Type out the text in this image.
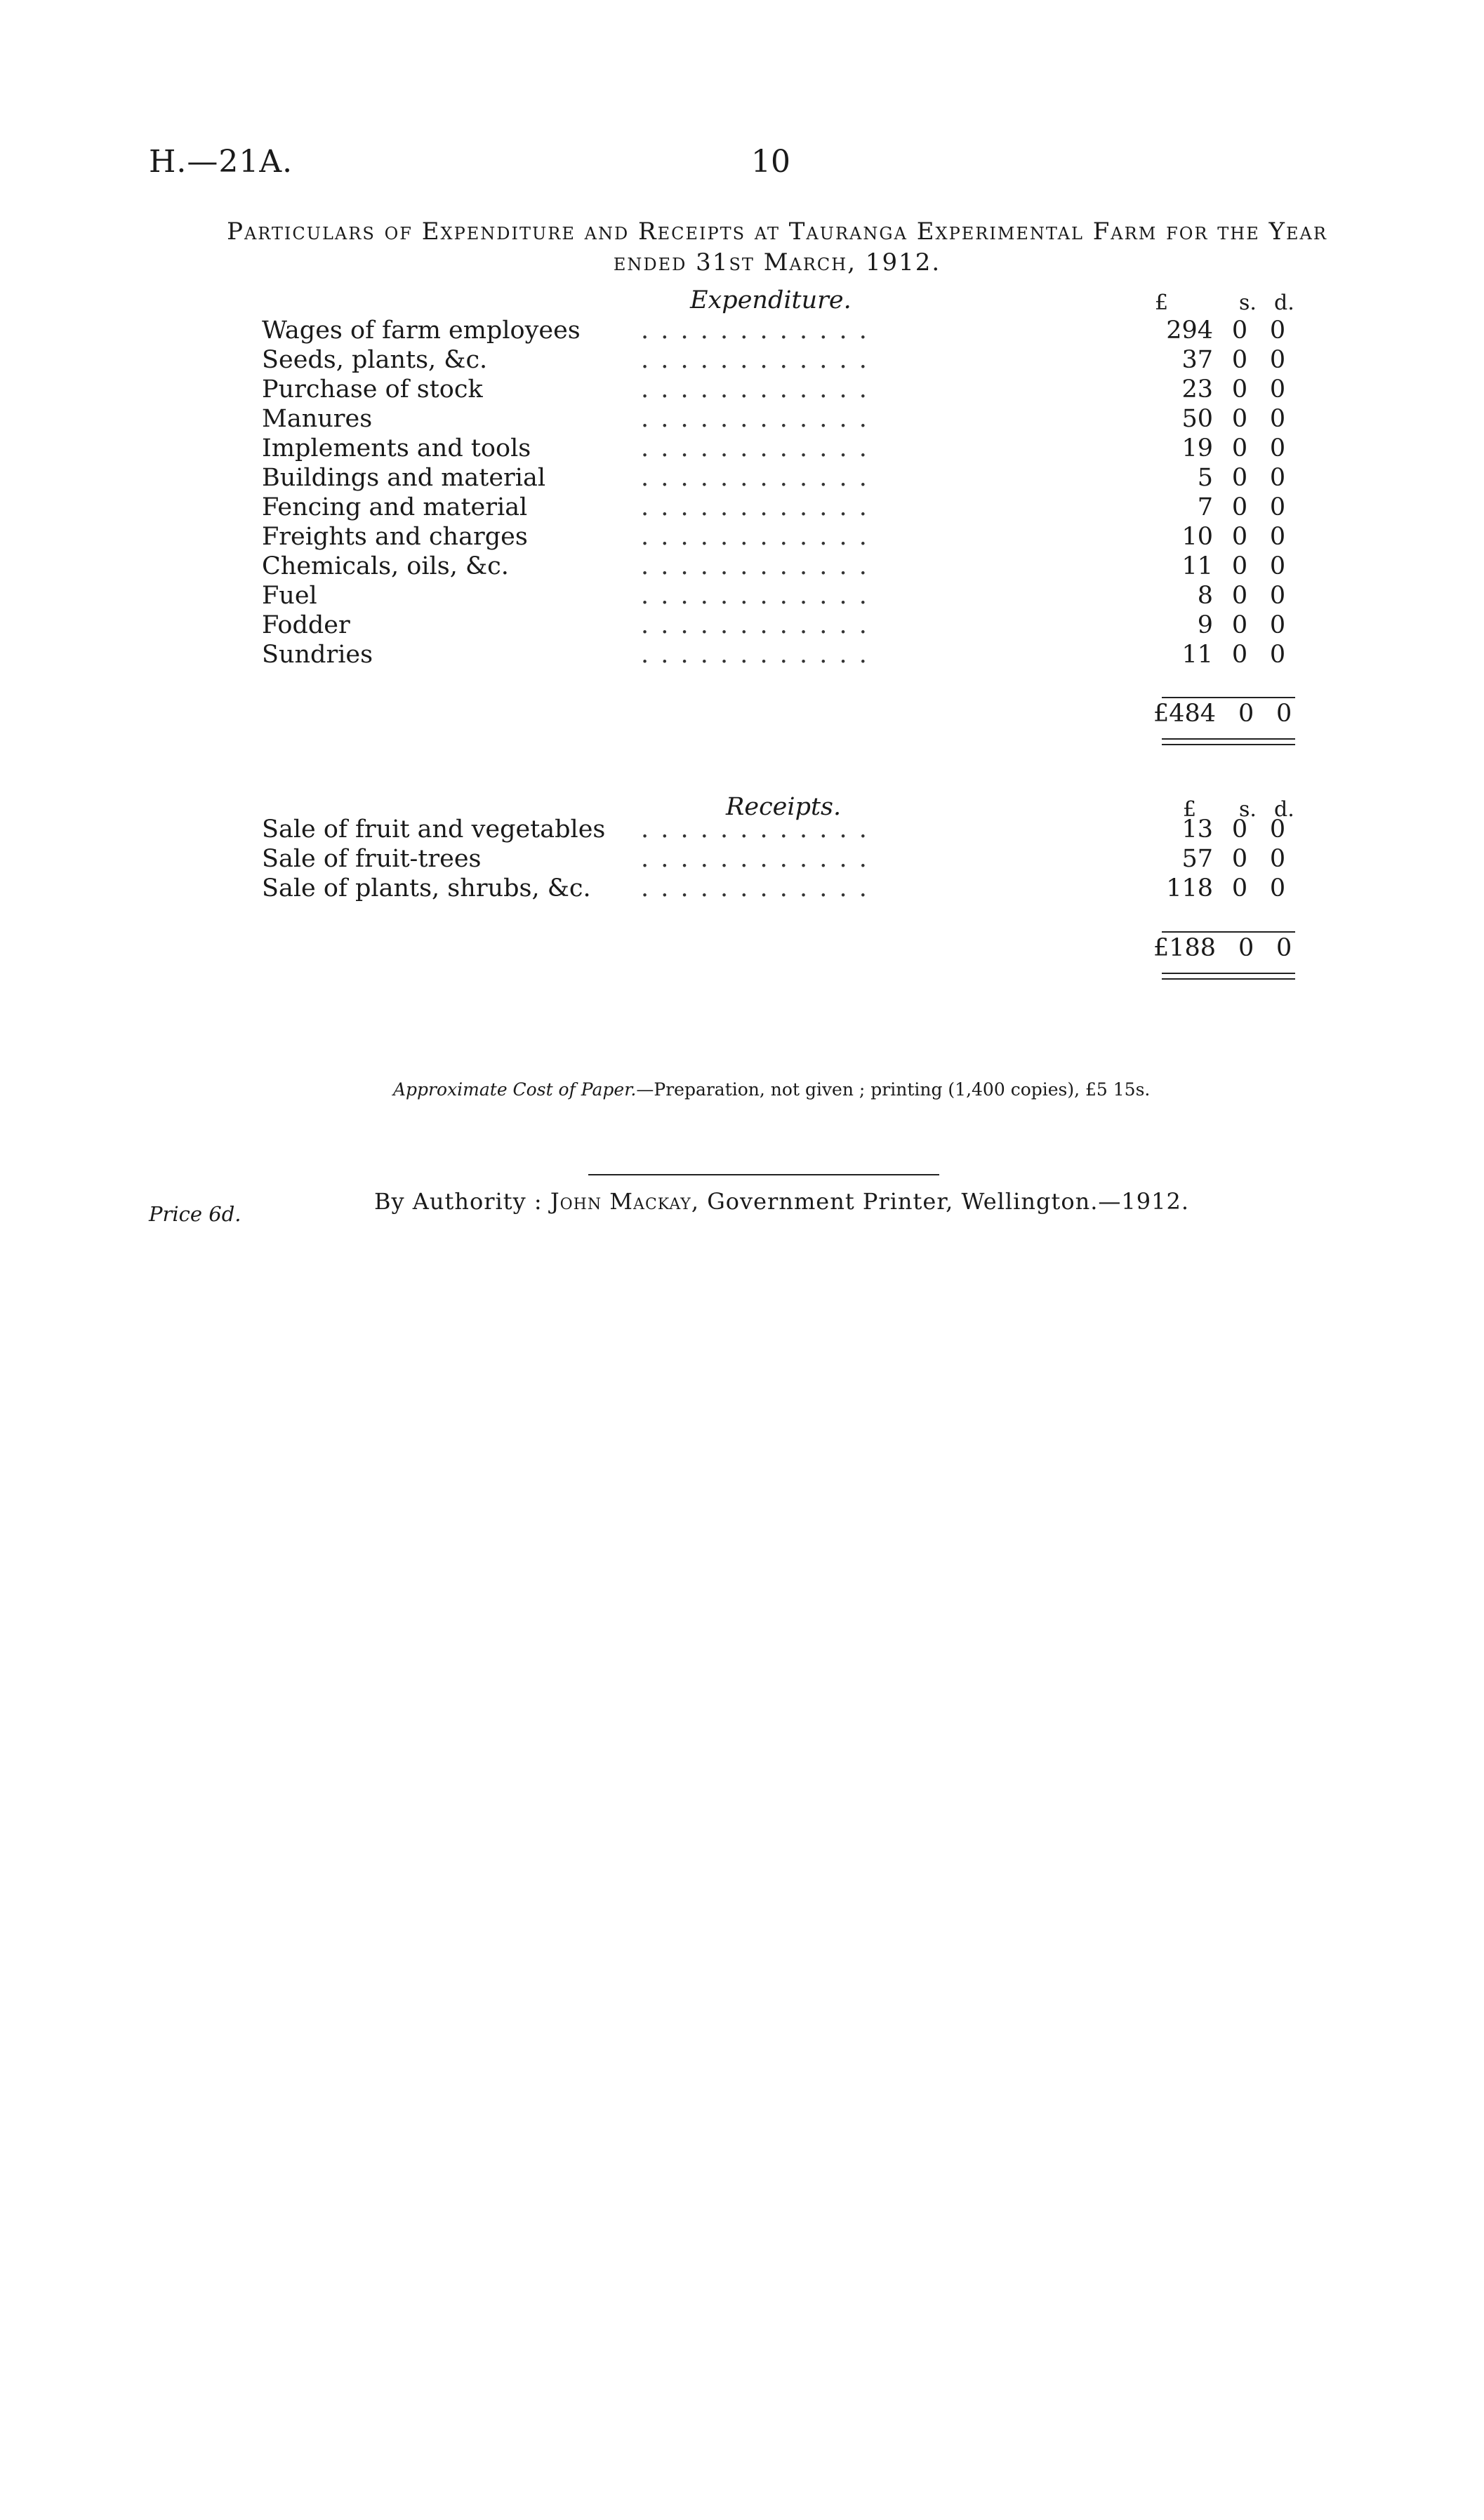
H.—21A.	10
Particulars of Expenditure and Receipts at Tauranga Experimental Farm for the Year
ended 31st March, 1912.
Expenditure.	£	s. d.
Wages of farm employees . . . . . . . . . . . .	294 0 0
Seeds, plants, &c.	. . . . . . . . . . . .	37 0 0
Purchase of stock	. . . . . . . . . . . .	23 0 0
Manures	. . . . . . . . . . . .	50 0 0
Implements and tools	. . . . . . . . . . . .	19 0 0
Buildings and material	. . . . . . . . . . . .	5 0 0
Fencing and material	. . . . . . . . . . . .	7 0 0
Freights and charges	. . . . . . . . . . . .	10 0 0
Chemicals, oils, &c.	. . . . . . . . . . . .	11 0 0
Fuel	. . . . . . . . . . . .	8 0 0
Fodder	. . . . . . . . . . . .	9 0 0
Sundries	. . . . . . . . . . . .	11 0 0
£484 0 0
Receipts.	£ s. d.
Sale of fruit and vegetables . . . . . . . . . . . .	13 0 0
Sale of fruit-trees	. . . . . . . . . . . .	57 0 0
Sale of plants, shrubs, &c. . . . . . . . . . . . .	118 0 0
£188 0 0
Approximate Cost of Paper.—Preparation, not given ; printing (1,400 copies), £5 15s.
By Authority : John Mackay, Government Printer, Wellington.—1912.
Price 6d.
